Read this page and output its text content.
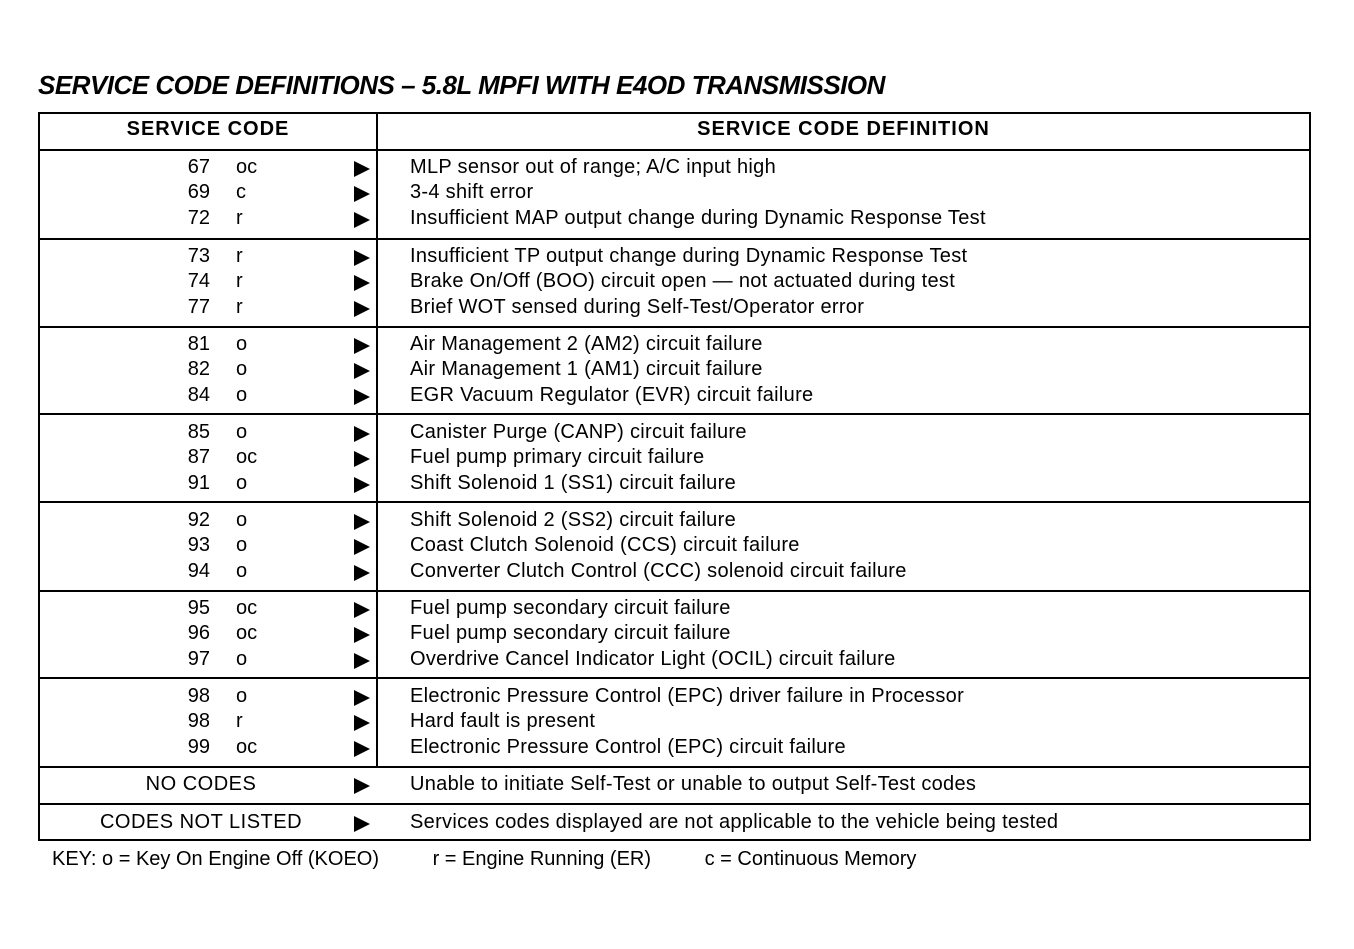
SERVICE CODE DEFINITIONS – 5.8L MPFI WITH E4OD TRANSMISSION
SERVICE CODE	SERVICE CODE DEFINITION
67 oc	MLP sensor out of range; A/C input high
69 c	3-4 shift error
72 r	Insufficient MAP output change during Dynamic Response Test
73 r	Insufficient TP output change during Dynamic Response Test
74 r	Brake On/Off (BOO) circuit open — not actuated during test
77 r	Brief WOT sensed during Self-Test/Operator error
81 o	Air Management 2 (AM2) circuit failure
82 o	Air Management 1 (AM1) circuit failure
84 o	EGR Vacuum Regulator (EVR) circuit failure
85 o	Canister Purge (CANP) circuit failure
87 oc	Fuel pump primary circuit failure
91 o	Shift Solenoid 1 (SS1) circuit failure
92 o	Shift Solenoid 2 (SS2) circuit failure
93 o	Coast Clutch Solenoid (CCS) circuit failure
94 o	Converter Clutch Control (CCC) solenoid circuit failure
95 oc	Fuel pump secondary circuit failure
96 oc	Fuel pump secondary circuit failure
97 o	Overdrive Cancel Indicator Light (OCIL) circuit failure
98 o	Electronic Pressure Control (EPC) driver failure in Processor
98 r	Hard fault is present
99 oc	Electronic Pressure Control (EPC) circuit failure
NO CODES	Unable to initiate Self-Test or unable to output Self-Test codes
CODES NOT LISTED	Services codes displayed are not applicable to the vehicle being tested
KEY: o = Key On Engine Off (KOEO)	r = Engine Running (ER)	c = Continuous Memory
